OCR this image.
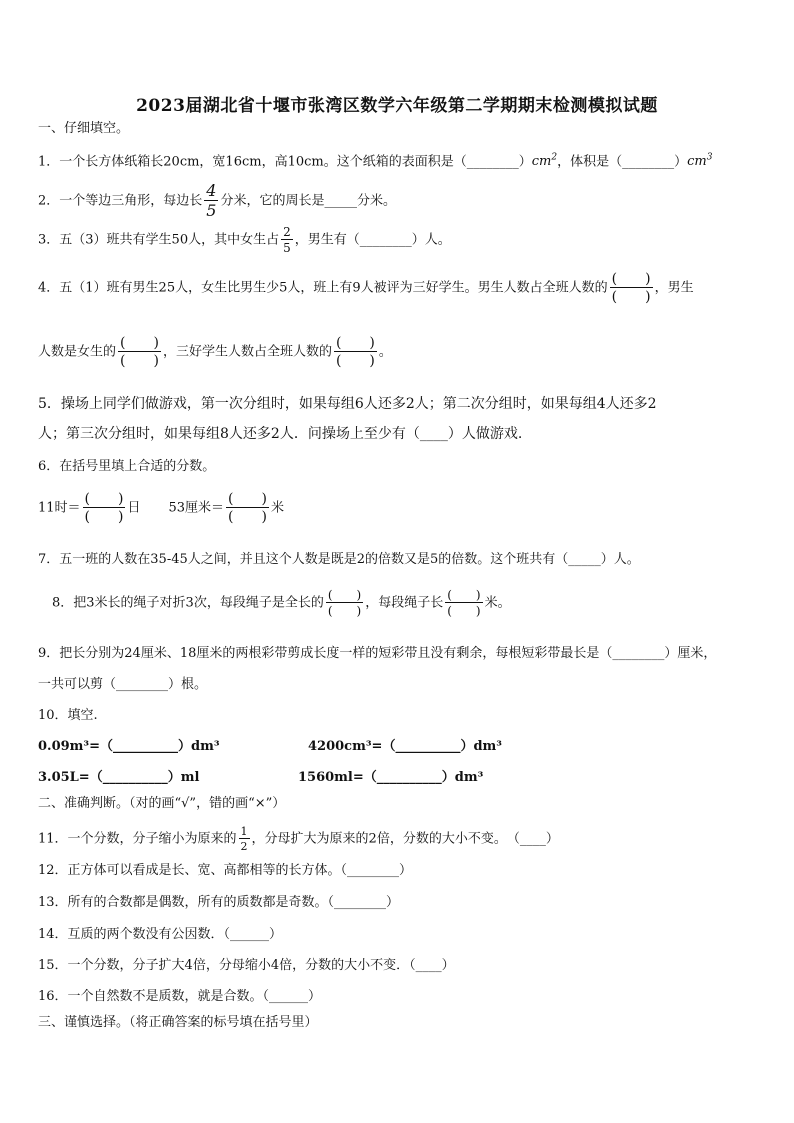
2023届湖北省十堰市张湾区数学六年级第二学期期末检测模拟试题
一、仔细填空。
1．一个长方体纸箱长20cm，宽16cm，高10cm。这个纸箱的表面积是$(\_\_\_\_\_\_\_\_)cm^2$，体积是$(\_\_\_\_\_\_\_\_)cm^3$
2．一个等边三角形，每边长 $\frac{4}{5}$ 分米，它的周长是_____分米。
3．五（3）班共有学生50人，其中女生占 $\frac{2}{5}$ ，男生有（________）人。
4．五（1）班有男生25人，女生比男生少5人，班上有9人被评为三好学生。男生人数占全班人数的 $\frac{( )}{( )}$ ，男生
人数是女生的 $\frac{( )}{( )}$ ，三好学生人数占全班人数的 $\frac{( )}{( )}$ 。
5．操场上同学们做游戏，第一次分组时，如果每组6人还多2人；第二次分组时，如果每组4人还多2
人；第三次分组时，如果每组8人还多2人．问操场上至少有（____）人做游戏.
6．在括号里填上合适的分数。
11时＝ $\frac{( )}{( )}$ 日 53厘米＝ $\frac{( )}{( )}$ 米
7．五一班的人数在35-45人之间，并且这个人数是既是2的倍数又是5的倍数。这个班共有（_____）人。
8．把3米长的绳子对折3次，每段绳子是全长的 $\frac{( )}{( )}$ ，每段绳子长 $\frac{( )}{( )}$ 米。
9．把长分别为24厘米、18厘米的两根彩带剪成长度一样的短彩带且没有剩余，每根短彩带最长是（________）厘米，
一共可以剪（________）根。
10．填空.
0.09m³=（__________）dm³	4200cm³=（__________）dm³
3.05L=（__________）ml	1560ml=（__________）dm³
二、准确判断。（对的画“√”，错的画“×”）
11．一个分数，分子缩小为原来的 $\frac{1}{2}$ ，分母扩大为原来的2倍，分数的大小不变。　（____）
12．正方体可以看成是长、宽、高都相等的长方体。（________）
13．所有的合数都是偶数，所有的质数都是奇数。（________）
14．互质的两个数没有公因数．（______）
15．一个分数，分子扩大4倍，分母缩小4倍，分数的大小不变．（____）
16．一个自然数不是质数，就是合数。（______）
三、谨慎选择。（将正确答案的标号填在括号里）
